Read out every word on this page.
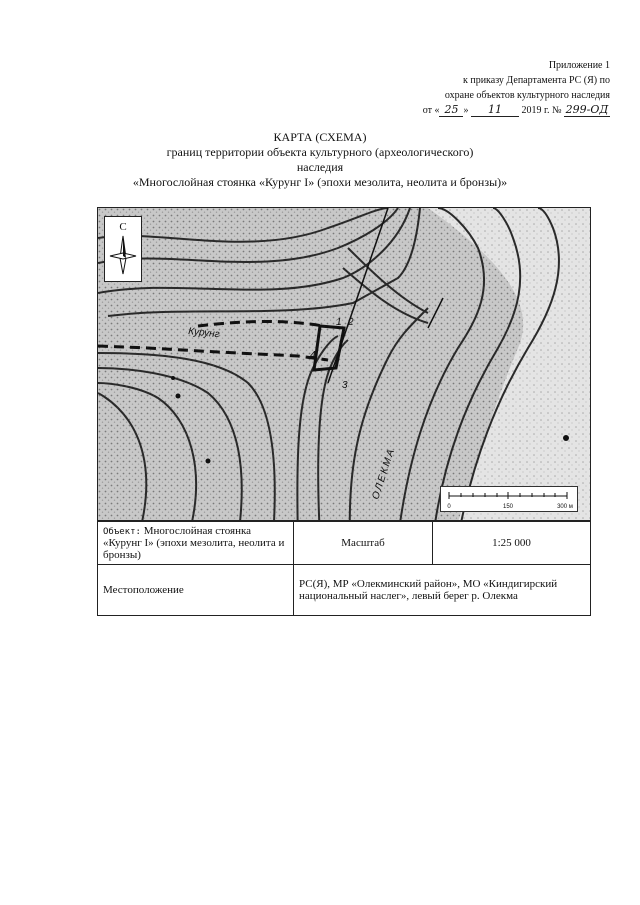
Приложение 1
к приказу Департамента РС (Я) по
охране объектов культурного наследия
от « 25 » 11 2019 г. № 299-ОД
КАРТА (СХЕМА)
границ территории объекта культурного (археологического)
наследия
«Многослойная стоянка «Курунг I» (эпохи мезолита, неолита и бронзы)»
Курунг
ОЛЕКМА
1 2
3
4
С
0	150	300 м
Объект: Многослойная стоянка «Курунг I» (эпохи мезолита, неолита и бронзы)	Масштаб	1:25 000
Местоположение	РС(Я), МР «Олекминский район», МО «Киндигирский национальный наслег», левый берег р. Олекма	
